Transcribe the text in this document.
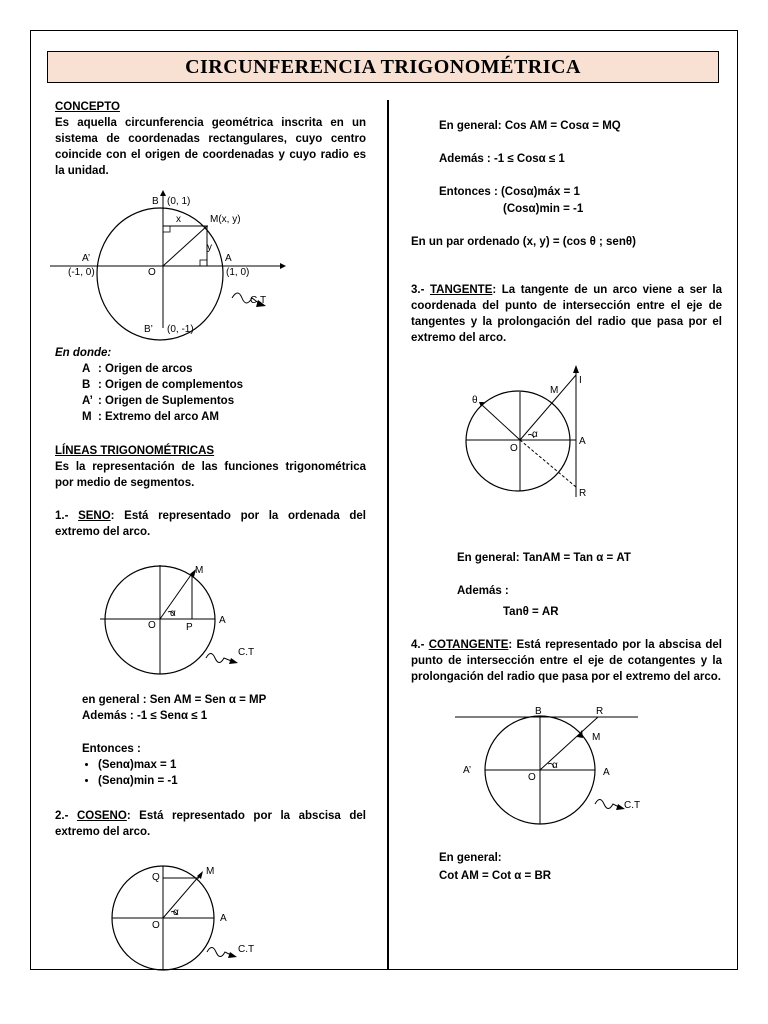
CIRCUNFERENCIA TRIGONOMÉTRICA
CONCEPTO
Es aquella circunferencia geométrica inscrita en un sistema de coordenadas rectangulares, cuyo centro coincide con el origen de coordenadas y cuyo radio es la unidad.
B (0, 1)
x	M(x, y)
y
A’
(-1, 0)	O
A
(1, 0)
C.T
B’ (0, -1)
En donde:
A : Origen de arcos
B : Origen de complementos
A’ : Origen de Suplementos
M : Extremo del arco AM
LÍNEAS TRIGONOMÉTRICAS
Es la representación de las funciones trigonométrica por medio de segmentos.
1.- SENO: Está representado por la ordenada del extremo del arco.
M
α
O	P
A
C.T
en general : Sen AM = Sen α = MP
Además : -1 ≤ Senα ≤ 1
Entonces :
• (Senα)max = 1
• (Senα)min = -1
2.- COSENO: Está representado por la abscisa del extremo del arco.
Q
M
α
O
A
C.T
En general: Cos AM = Cosα = MQ
Además : -1 ≤ Cosα ≤ 1
Entonces : (Cosα)máx = 1
(Cosα)min = -1
En un par ordenado (x, y) = (cos θ ; senθ)
3.- TANGENTE: La tangente de un arco viene a ser la coordenada del punto de intersección entre el eje de tangentes y la prolongación del radio que pasa por el extremo del arco.
θ
M
I
α
O
A
R
En general: TanAM = Tan α = AT
Además :
Tanθ = AR
4.- COTANGENTE: Está representado por la abscisa del punto de intersección entre el eje de cotangentes y la prolongación del radio que pasa por el extremo del arco.
B	R
M
A’	α
O	A
C.T
En general:
Cot AM = Cot α = BR
